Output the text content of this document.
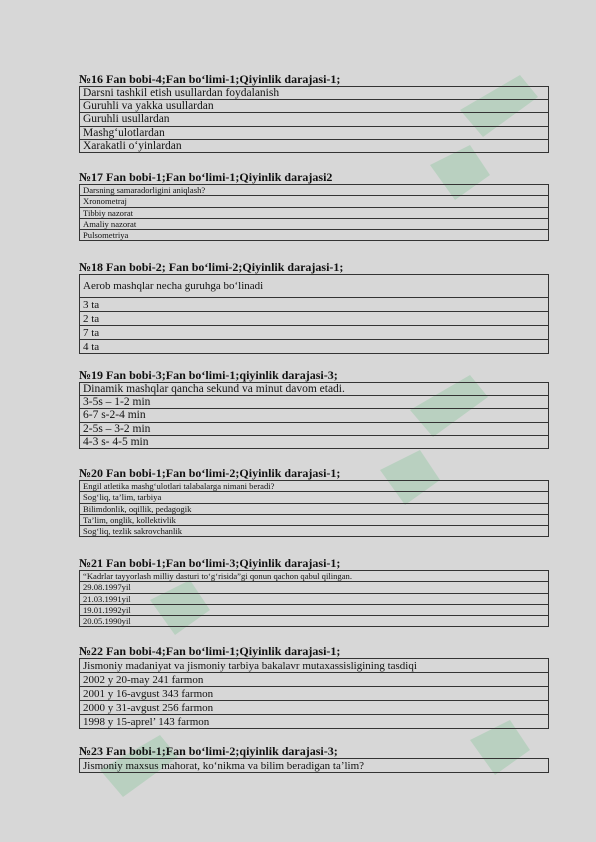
№16 Fan bobi-4;Fan bo‘limi-1;Qiyinlik darajasi-1;
Darsni tashkil etish usullardan foydalanish
Guruhli va yakka usullardan
Guruhli usullardan
Mashg‘ulotlardan
Xarakatli o‘yinlardan
№17 Fan bobi-1;Fan bo‘limi-1;Qiyinlik darajasi2
Darsning samaradorligini aniqlash?
Xronometraj
Tibbiy nazorat
Amaliy nazorat
Pulsometriya
№18 Fan bobi-2; Fan bo‘limi-2;Qiyinlik darajasi-1;
Aerob mashqlar necha guruhga bo‘linadi
3 ta
2 ta
7 ta
4 ta
№19 Fan bobi-3;Fan bo‘limi-1;qiyinlik darajasi-3;
Dinamik mashqlar qancha sekund va minut davom etadi.
3-5s – 1-2 min
6-7 s-2-4 min
2-5s – 3-2 min
4-3 s- 4-5 min
№20 Fan bobi-1;Fan bo‘limi-2;Qiyinlik darajasi-1;
Engil atletika mashg‘ulotlari talabalarga nimani beradi?
Sog‘liq, ta’lim, tarbiya
Bilimdonlik, oqillik, pedagogik
Ta’lim, onglik, kollektivlik
Sog‘liq, tezlik sakrovchanlik
№21 Fan bobi-1;Fan bo‘limi-3;Qiyinlik darajasi-1;
“Kadrlar tayyorlash milliy dasturi to‘g‘risida”gi qonun qachon qabul qilingan.
29.08.1997yil
21.03.1991yil
19.01.1992yil
20.05.1990yil
№22 Fan bobi-4;Fan bo‘limi-1;Qiyinlik darajasi-1;
Jismoniy madaniyat va jismoniy tarbiya bakalavr mutaxassisligining tasdiqi
2002 y 20-may 241 farmon
2001 y 16-avgust 343 farmon
2000 y 31-avgust 256 farmon
1998 y 15-aprel’ 143 farmon
№23 Fan bobi-1;Fan bo‘limi-2;qiyinlik darajasi-3;
Jismoniy maxsus mahorat, ko‘nikma va bilim beradigan ta’lim?
